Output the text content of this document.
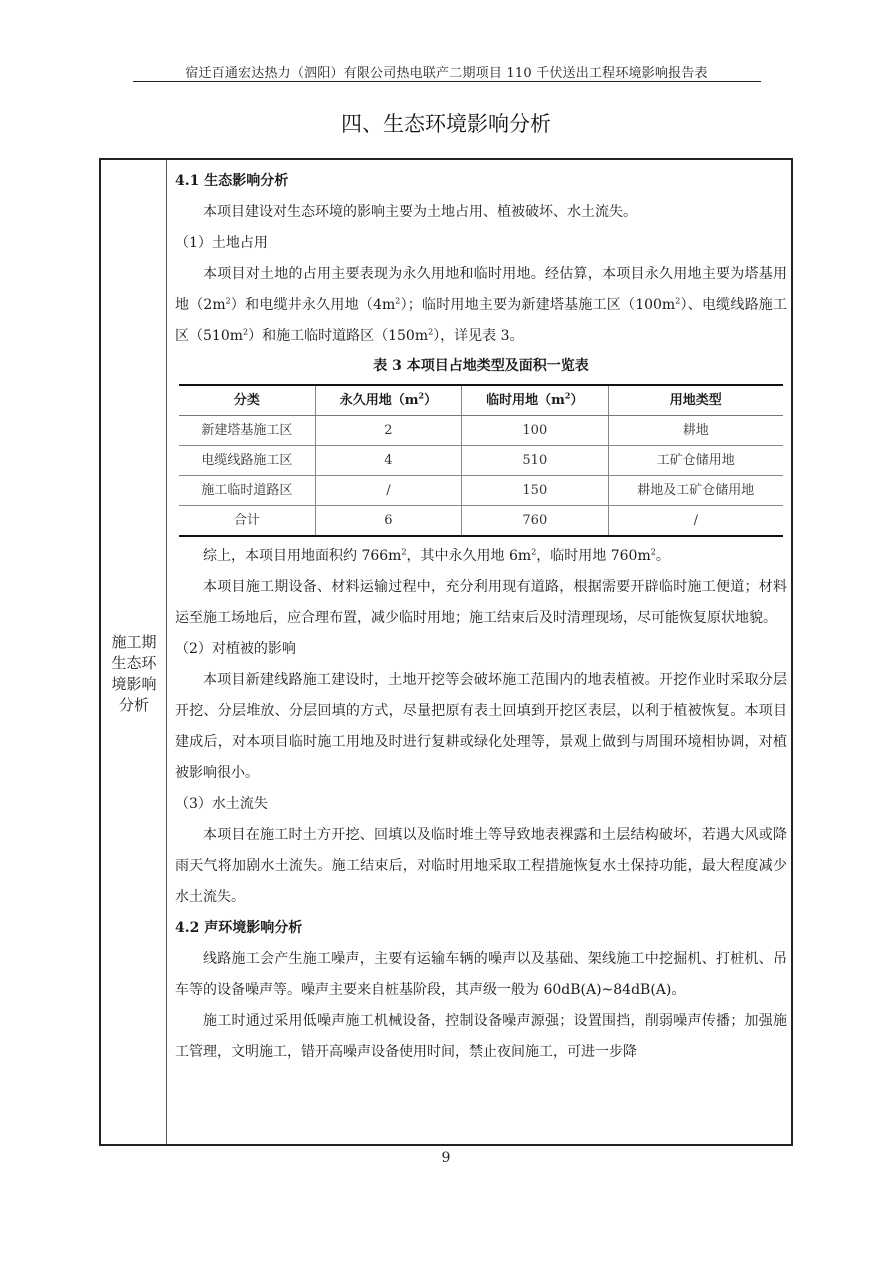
宿迁百通宏达热力（泗阳）有限公司热电联产二期项目 110 千伏送出工程环境影响报告表
四、生态环境影响分析
施工期
生态环
境影响
分析

4.1 生态影响分析

本项目建设对生态环境的影响主要为土地占用、植被破坏、水土流失。

（1）土地占用

本项目对土地的占用主要表现为永久用地和临时用地。经估算，本项目永久用地主要为塔基用地$(2m^2)$和电缆井永久用地$(4m^2)$；临时用地主要为新建塔基施工区$(100m^2)$、电缆线路施工区$(510m^2)$和施工临时道路区$(150m^2)$，详见表 3。

表 3 本项目占地类型及面积一览表

分类	永久用地$(m^2)$	临时用地$(m^2)$	用地类型
新建塔基施工区	2	100	耕地
电缆线路施工区	4	510	工矿仓储用地
施工临时道路区	/	150	耕地及工矿仓储用地
合计	6	760	/

综上，本项目用地面积约 $766m^2$，其中永久用地 $6m^2$，临时用地 $760m^2$。

本项目施工期设备、材料运输过程中，充分利用现有道路，根据需要开辟临时施工便道；材料运至施工场地后，应合理布置，减少临时用地；施工结束后及时清理现场，尽可能恢复原状地貌。

（2）对植被的影响

本项目新建线路施工建设时，土地开挖等会破坏施工范围内的地表植被。开挖作业时采取分层开挖、分层堆放、分层回填的方式，尽量把原有表土回填到开挖区表层，以利于植被恢复。本项目建成后，对本项目临时施工用地及时进行复耕或绿化处理等，景观上做到与周围环境相协调，对植被影响很小。

（3）水土流失

本项目在施工时土方开挖、回填以及临时堆土等导致地表裸露和土层结构破坏，若遇大风或降雨天气将加剧水土流失。施工结束后，对临时用地采取工程措施恢复水土保持功能，最大程度减少水土流失。

4.2 声环境影响分析

线路施工会产生施工噪声，主要有运输车辆的噪声以及基础、架线施工中挖掘机、打桩机、吊车等的设备噪声等。噪声主要来自桩基阶段，其声级一般为 60dB(A)~84dB(A)。

施工时通过采用低噪声施工机械设备，控制设备噪声源强；设置围挡，削弱噪声传播；加强施工管理，文明施工，错开高噪声设备使用时间，禁止夜间施工，可进一步降

9
